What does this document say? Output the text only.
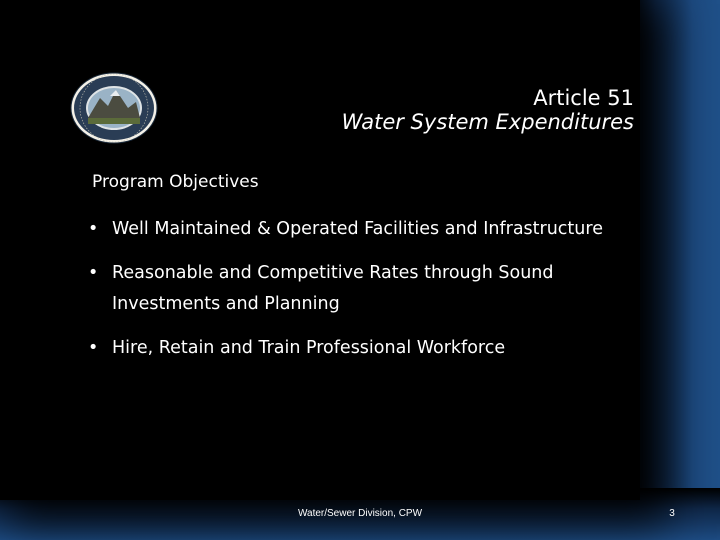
Article 51
Water System Expenditures
Program Objectives
• Well Maintained & Operated Facilities and Infrastructure
• Reasonable and Competitive Rates through Sound Investments and Planning
• Hire, Retain and Train Professional Workforce
Water/Sewer Division, CPW	3
